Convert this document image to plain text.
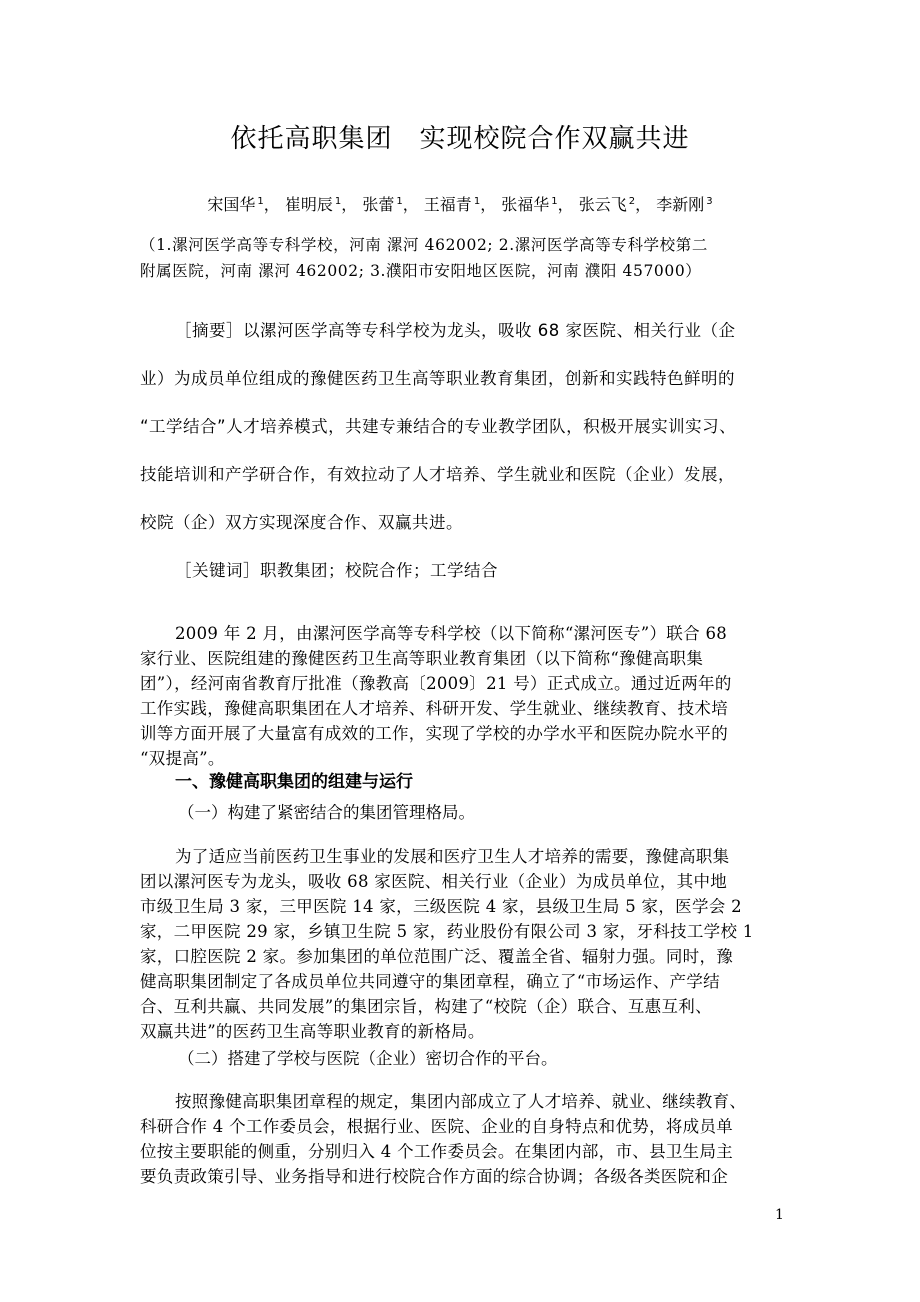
依托高职集团　实现校院合作双赢共进
宋国华 $^1$， 崔明辰 $^1$， 张蕾 $^1$， 王福青 $^1$， 张福华 $^1$， 张云飞 $^2$， 李新刚 $^3$
（1.漯河医学高等专科学校，河南 漯河 462002; 2.漯河医学高等专科学校第二
附属医院，河南 漯河 462002; 3.濮阳市安阳地区医院，河南 濮阳 457000）
［摘要］以漯河医学高等专科学校为龙头，吸收 68 家医院、相关行业（企
业）为成员单位组成的豫健医药卫生高等职业教育集团，创新和实践特色鲜明的
“工学结合”人才培养模式，共建专兼结合的专业教学团队，积极开展实训实习、
技能培训和产学研合作，有效拉动了人才培养、学生就业和医院（企业）发展，
校院（企）双方实现深度合作、双赢共进。
［关键词］职教集团；校院合作；工学结合
2009 年 2 月，由漯河医学高等专科学校（以下简称“漯河医专”）联合 68
家行业、医院组建的豫健医药卫生高等职业教育集团（以下简称“豫健高职集
团”），经河南省教育厅批准（豫教高〔2009〕21 号）正式成立。通过近两年的
工作实践，豫健高职集团在人才培养、科研开发、学生就业、继续教育、技术培
训等方面开展了大量富有成效的工作，实现了学校的办学水平和医院办院水平的
“双提高”。
一、豫健高职集团的组建与运行
（一）构建了紧密结合的集团管理格局。
为了适应当前医药卫生事业的发展和医疗卫生人才培养的需要，豫健高职集
团以漯河医专为龙头，吸收 68 家医院、相关行业（企业）为成员单位，其中地
市级卫生局 3 家，三甲医院 14 家，三级医院 4 家，县级卫生局 5 家，医学会 2
家，二甲医院 29 家，乡镇卫生院 5 家，药业股份有限公司 3 家，牙科技工学校 1
家，口腔医院 2 家。参加集团的单位范围广泛、覆盖全省、辐射力强。同时，豫
健高职集团制定了各成员单位共同遵守的集团章程，确立了“市场运作、产学结
合、互利共赢、共同发展”的集团宗旨，构建了“校院（企）联合、互惠互利、
双赢共进”的医药卫生高等职业教育的新格局。
（二）搭建了学校与医院（企业）密切合作的平台。
按照豫健高职集团章程的规定，集团内部成立了人才培养、就业、继续教育、
科研合作 4 个工作委员会，根据行业、医院、企业的自身特点和优势，将成员单
位按主要职能的侧重，分别归入 4 个工作委员会。在集团内部，市、县卫生局主
要负责政策引导、业务指导和进行校院合作方面的综合协调；各级各类医院和企
1
